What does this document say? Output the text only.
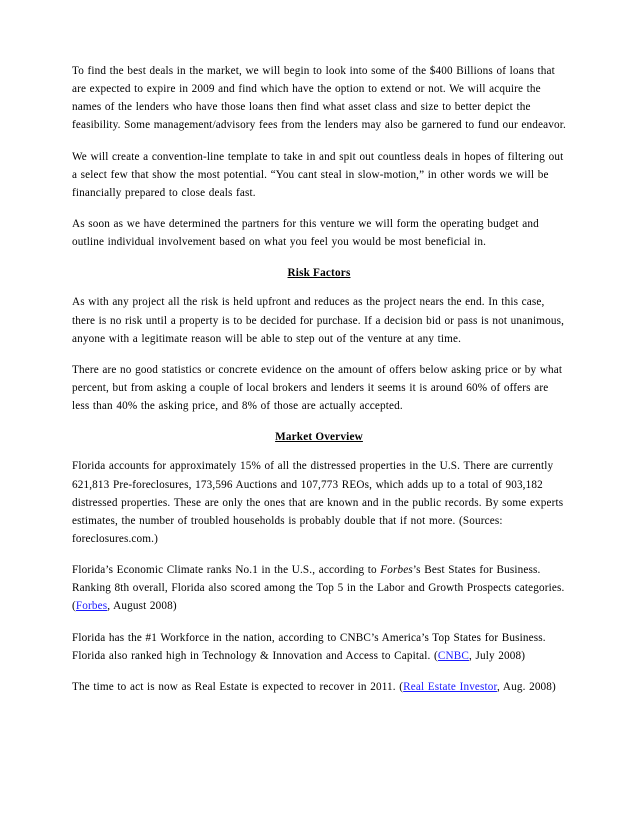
To find the best deals in the market, we will begin to look into some of the $400 Billions of loans that are expected to expire in 2009 and find which have the option to extend or not. We will acquire the names of the lenders who have those loans then find what asset class and size to better depict the feasibility. Some management/advisory fees from the lenders may also be garnered to fund our endeavor.

We will create a convention-line template to take in and spit out countless deals in hopes of filtering out a select few that show the most potential. “You cant steal in slow-motion,” in other words we will be financially prepared to close deals fast.

As soon as we have determined the partners for this venture we will form the operating budget and outline individual involvement based on what you feel you would be most beneficial in.

Risk Factors

As with any project all the risk is held upfront and reduces as the project nears the end. In this case, there is no risk until a property is to be decided for purchase. If a decision bid or pass is not unanimous, anyone with a legitimate reason will be able to step out of the venture at any time.

There are no good statistics or concrete evidence on the amount of offers below asking price or by what percent, but from asking a couple of local brokers and lenders it seems it is around 60% of offers are less than 40% the asking price, and 8% of those are actually accepted.

Market Overview

Florida accounts for approximately 15% of all the distressed properties in the U.S. There are currently 621,813 Pre-foreclosures, 173,596 Auctions and 107,773 REOs, which adds up to a total of 903,182 distressed properties. These are only the ones that are known and in the public records. By some experts estimates, the number of troubled households is probably double that if not more. (Sources: foreclosures.com.)

Florida’s Economic Climate ranks No.1 in the U.S., according to Forbes’s Best States for Business. Ranking 8th overall, Florida also scored among the Top 5 in the Labor and Growth Prospects categories. (Forbes, August 2008)

Florida has the #1 Workforce in the nation, according to CNBC’s America’s Top States for Business. Florida also ranked high in Technology & Innovation and Access to Capital. (CNBC, July 2008)

The time to act is now as Real Estate is expected to recover in 2011. (Real Estate Investor, Aug. 2008)
